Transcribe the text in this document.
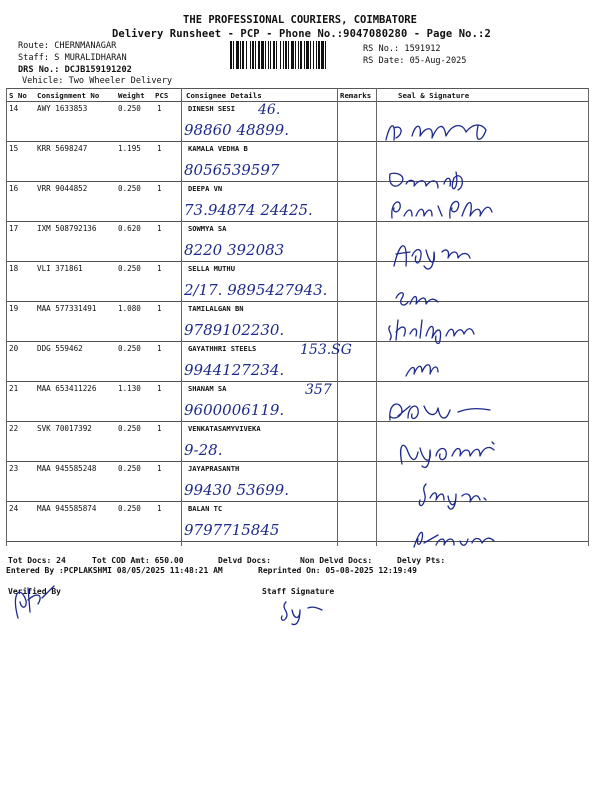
THE PROFESSIONAL COURIERS, COIMBATORE
Delivery Runsheet - PCP - Phone No.:9047080280 - Page No.:2
Route: CHERNMANAGAR
Staff: S MURALIDHARAN
DRS No.: DCJB159191202
Vehicle: Two Wheeler Delivery
RS No.: 1591912
RS Date: 05-Aug-2025
S No Consignment No	Weight PCS Consignee Details	Remarks	Seal & Signature
14 AWY 1633853	0.250 1	DINESH SESI 46.
98860 48899.
15 KRR 5698247	1.195 1	KAMALA VEDHA B
8056539597
16 VRR 9044852	0.250 1	DEEPA VN
73.94874 24425.
17 IXM 508792136	0.620 1	SOWMYA SA
8220 392083
18 VLI 371861	0.250 1	SELLA MUTHU
2/17. 9895427943.
19 MAA 577331491	1.080 1	TAMILALGAN BN
9789102230.
20 DDG 559462	0.250 1	GAYATHHRI STEELS	153.SG
9944127234.
21 MAA 653411226	1.130 1	SHANAM SA	357
9600006119.
22 SVK 70017392	0.250 1	VENKATASAMYVIVEKA
9-28.
23 MAA 945585248	0.250 1	JAYAPRASANTH
99430 53699.
24 MAA 945585874	0.250 1	BALAN TC
9797715845
Tot Docs: 24	Tot COD Amt: 650.00	Delvd Docs:	Non Delvd Docs:	Delvy Pts:
Entered By :PCPLAKSHMI 08/05/2025 11:48:21 AM	Reprinted On: 05-08-2025 12:19:49
Verified By	Staff Signature
